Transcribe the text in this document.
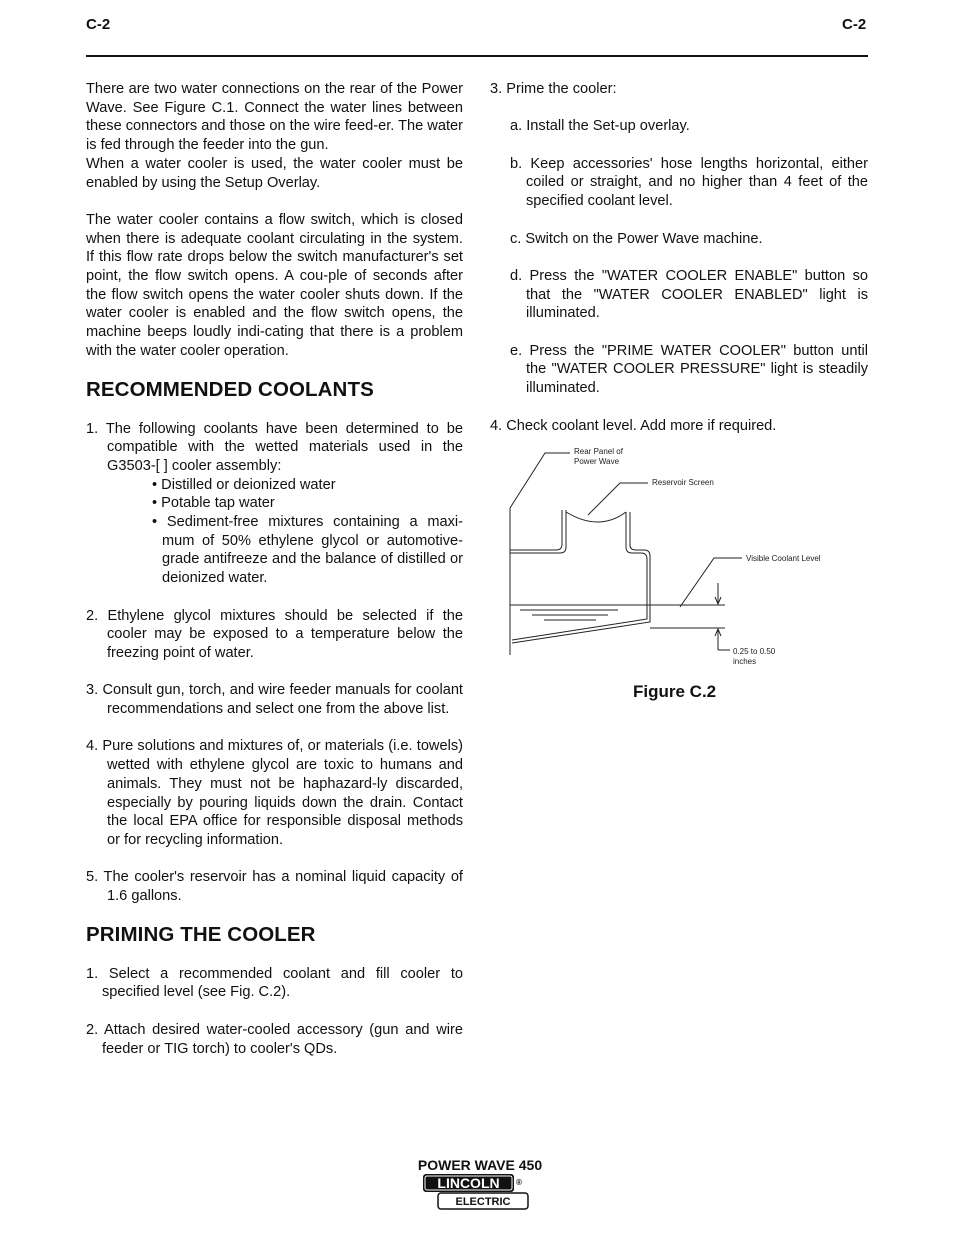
C-2	C-2

There are two water connections on the rear of the Power Wave. See Figure C.1. Connect the water lines between these connectors and those on the wire feed-er. The water is fed through the feeder into the gun.

When a water cooler is used, the water cooler must be enabled by using the Setup Overlay.

The water cooler contains a flow switch, which is closed when there is adequate coolant circulating in the system. If this flow rate drops below the switch manufacturer's set point, the flow switch opens. A cou-ple of seconds after the flow switch opens the water cooler shuts down. If the water cooler is enabled and the flow switch opens, the machine beeps loudly indi-cating that there is a problem with the water cooler operation.

RECOMMENDED COOLANTS

1. The following coolants have been determined to be compatible with the wetted materials used in the G3503-[ ] cooler assembly:

• Distilled or deionized water
• Potable tap water
• Sediment-free mixtures containing a maxi-mum of 50% ethylene glycol or automotive-grade antifreeze and the balance of distilled or deionized water.

2. Ethylene glycol mixtures should be selected if the cooler may be exposed to a temperature below the freezing point of water.

3. Consult gun, torch, and wire feeder manuals for coolant recommendations and select one from the above list.

4. Pure solutions and mixtures of, or materials (i.e. towels) wetted with ethylene glycol are toxic to humans and animals. They must not be haphazard-ly discarded, especially by pouring liquids down the drain. Contact the local EPA office for responsible disposal methods or for recycling information.

5. The cooler's reservoir has a nominal liquid capacity of 1.6 gallons.

PRIMING THE COOLER

1. Select a recommended coolant and fill cooler to specified level (see Fig. C.2).

2. Attach desired water-cooled accessory (gun and wire feeder or TIG torch) to cooler's QDs.

3. Prime the cooler:

a. Install the Set-up overlay.

b. Keep accessories' hose lengths horizontal, either coiled or straight, and no higher than 4 feet of the specified coolant level.

c. Switch on the Power Wave machine.

d. Press the "WATER COOLER ENABLE" button so that the "WATER COOLER ENABLED" light is illuminated.

e. Press the "PRIME WATER COOLER" button until the "WATER COOLER PRESSURE" light is steadily illuminated.

4. Check coolant level. Add more if required.

Rear Panel of
Power Wave
Reservoir Screen
Visible Coolant Level
0.25 to 0.50
inches
Figure C.2
POWER WAVE 450
LINCOLN ®
ELECTRIC
